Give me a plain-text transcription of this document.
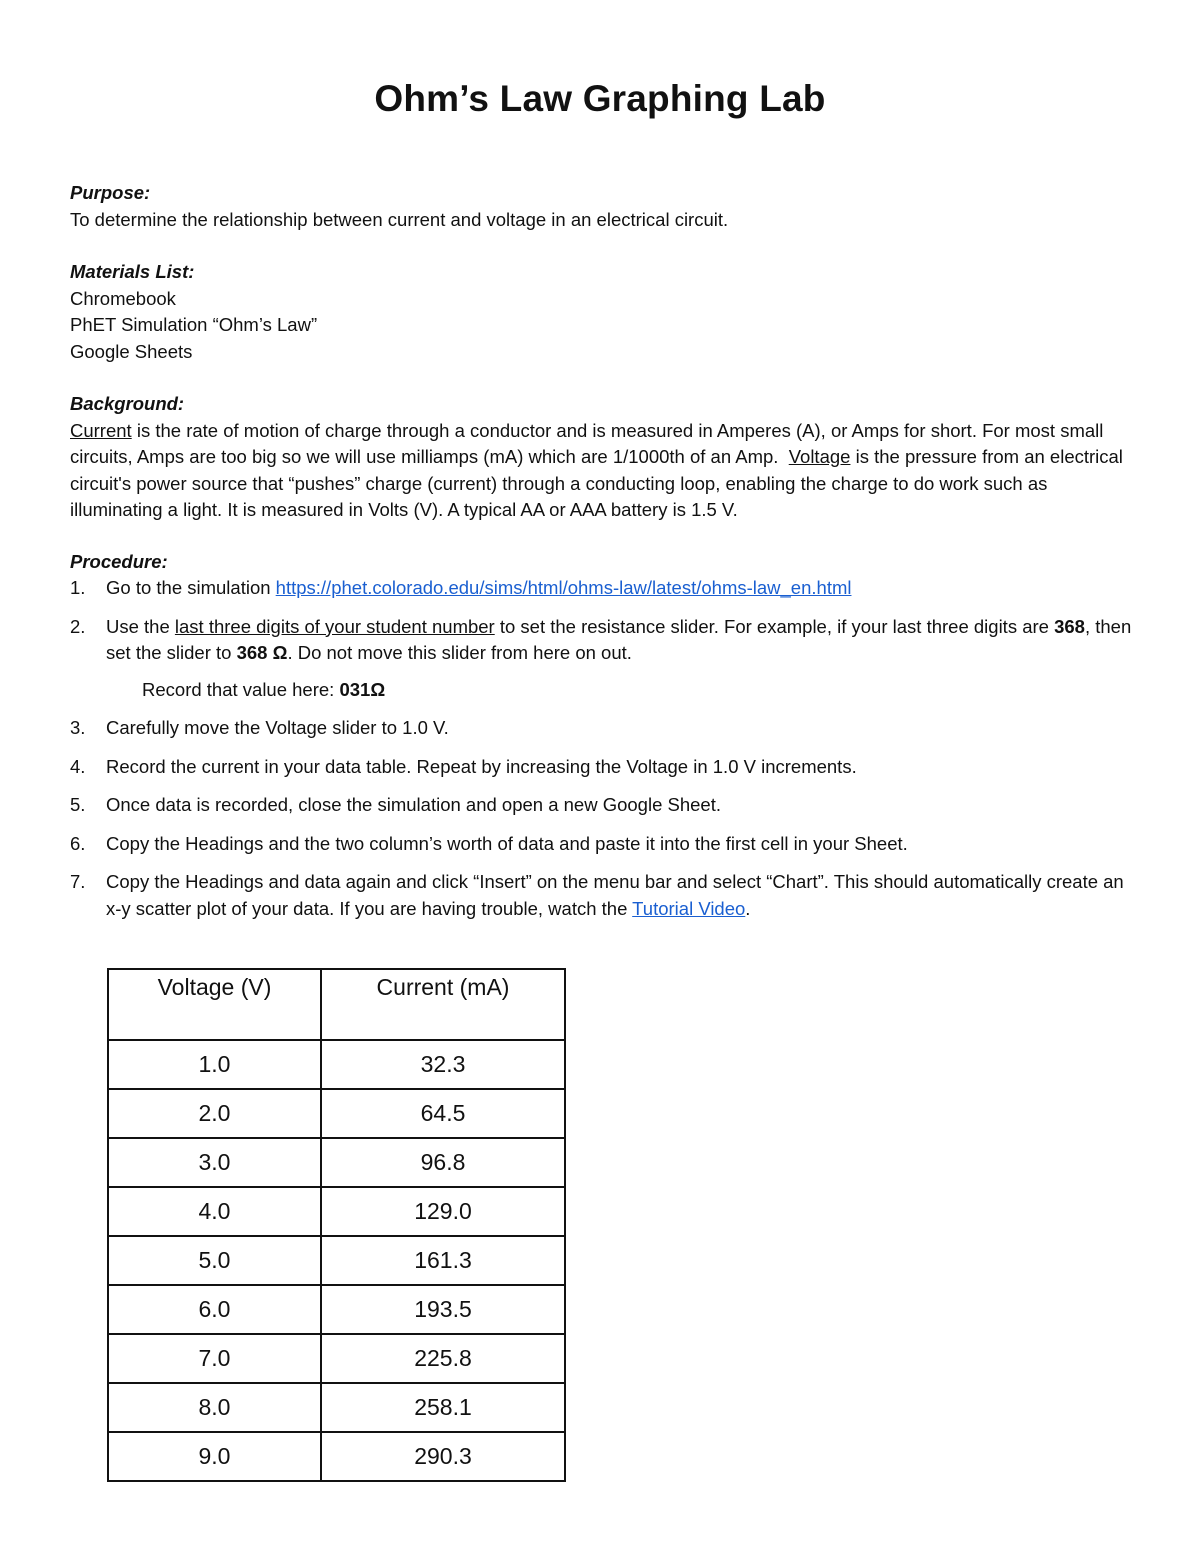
Ohm’s Law Graphing Lab
Purpose:
To determine the relationship between current and voltage in an electrical circuit.
Materials List:
Chromebook
PhET Simulation “Ohm’s Law”
Google Sheets
Background:
Current is the rate of motion of charge through a conductor and is measured in Amperes (A), or Amps for short. For most small circuits, Amps are too big so we will use milliamps (mA) which are 1/1000th of an Amp.  Voltage is the pressure from an electrical circuit's power source that “pushes” charge (current) through a conducting loop, enabling the charge to do work such as illuminating a light. It is measured in Volts (V). A typical AA or AAA battery is 1.5 V.
Procedure:
1. Go to the simulation https://phet.colorado.edu/sims/html/ohms-law/latest/ohms-law_en.html
2. Use the last three digits of your student number to set the resistance slider. For example, if your last three digits are 368, then set the slider to 368 Ω. Do not move this slider from here on out.
Record that value here: 031Ω
3. Carefully move the Voltage slider to 1.0 V.
4. Record the current in your data table. Repeat by increasing the Voltage in 1.0 V increments.
5. Once data is recorded, close the simulation and open a new Google Sheet.
6. Copy the Headings and the two column’s worth of data and paste it into the first cell in your Sheet.
7. Copy the Headings and data again and click “Insert” on the menu bar and select “Chart”. This should automatically create an x-y scatter plot of your data. If you are having trouble, watch the Tutorial Video.
Voltage (V)	Current (mA)
1.0	32.3
2.0	64.5
3.0	96.8
4.0	129.0
5.0	161.3
6.0	193.5
7.0	225.8
8.0	258.1
9.0	290.3
